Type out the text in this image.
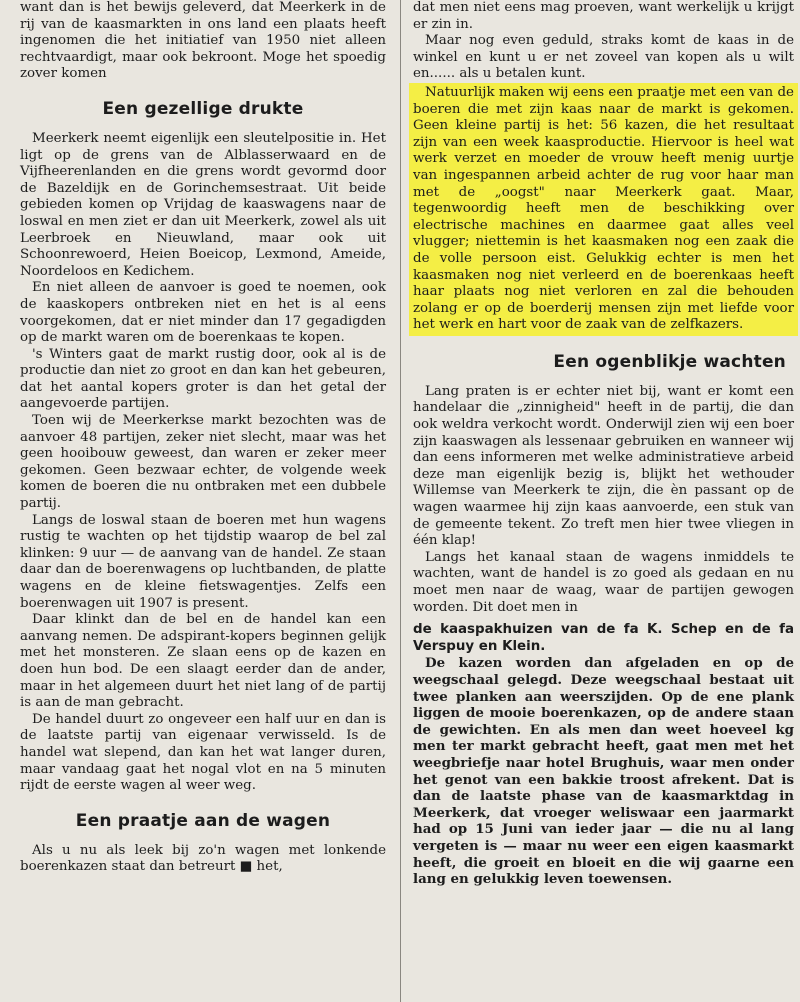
want dan is het bewijs geleverd, dat Meerkerk in de rij van de kaasmarkten in ons land een plaats heeft ingenomen die het initiatief van 1950 niet alleen rechtvaardigt, maar ook bekroont. Moge het spoedig zover komen

Een gezellige drukte

Meerkerk neemt eigenlijk een sleutelpositie in. Het ligt op de grens van de Alblasserwaard en de Vijfheerenlanden en die grens wordt gevormd door de Bazeldijk en de Gorinchemsestraat. Uit beide gebieden komen op Vrijdag de kaaswagens naar de loswal en men ziet er dan uit Meerkerk, zowel als uit Leerbroek en Nieuwland, maar ook uit Schoonrewoerd, Heien Boeicop, Lexmond, Ameide, Noordeloos en Kedichem.

En niet alleen de aanvoer is goed te noemen, ook de kaaskopers ontbreken niet en het is al eens voorgekomen, dat er niet minder dan 17 gegadigden op de markt waren om de boerenkaas te kopen.

's Winters gaat de markt rustig door, ook al is de productie dan niet zo groot en dan kan het gebeuren, dat het aantal kopers groter is dan het getal der aangevoerde partijen.

Toen wij de Meerkerkse markt bezochten was de aanvoer 48 partijen, zeker niet slecht, maar was het geen hooibouw geweest, dan waren er zeker meer gekomen. Geen bezwaar echter, de volgende week komen de boeren die nu ontbraken met een dubbele partij.

Langs de loswal staan de boeren met hun wagens rustig te wachten op het tijdstip waarop de bel zal klinken: 9 uur — de aanvang van de handel. Ze staan daar dan de boerenwagens op luchtbanden, de platte wagens en de kleine fietswagentjes. Zelfs een boerenwagen uit 1907 is present.

Daar klinkt dan de bel en de handel kan een aanvang nemen. De adspirant-kopers beginnen gelijk met het monsteren. Ze slaan eens op de kazen en doen hun bod. De een slaagt eerder dan de ander, maar in het algemeen duurt het niet lang of de partij is aan de man gebracht.

De handel duurt zo ongeveer een half uur en dan is de laatste partij van eigenaar verwisseld. Is de handel wat slepend, dan kan het wat langer duren, maar vandaag gaat het nogal vlot en na 5 minuten rijdt de eerste wagen al weer weg.

Een praatje aan de wagen

Als u nu als leek bij zo'n wagen met lonkende boerenkazen staat dan betreurt ■ het,

dat men niet eens mag proeven, want werkelijk u krijgt er zin in.

Maar nog even geduld, straks komt de kaas in de winkel en kunt u er net zoveel van kopen als u wilt en...... als u betalen kunt.

Natuurlijk maken wij eens een praatje met een van de boeren die met zijn kaas naar de markt is gekomen. Geen kleine partij is het: 56 kazen, die het resultaat zijn van een week kaasproductie. Hiervoor is heel wat werk verzet en moeder de vrouw heeft menig uurtje van ingespannen arbeid achter de rug voor haar man met de „oogst" naar Meerkerk gaat. Maar, tegenwoordig heeft men de beschikking over electrische machines en daarmee gaat alles veel vlugger; niettemin is het kaasmaken nog een zaak die de volle persoon eist. Gelukkig echter is men het kaasmaken nog niet verleerd en de boerenkaas heeft haar plaats nog niet verloren en zal die behouden zolang er op de boerderij mensen zijn met liefde voor het werk en hart voor de zaak van de zelfkazers.

Een ogenblikje wachten

Lang praten is er echter niet bij, want er komt een handelaar die „zinnigheid" heeft in de partij, die dan ook weldra verkocht wordt. Onderwijl zien wij een boer zijn kaaswagen als lessenaar gebruiken en wanneer wij dan eens informeren met welke administratieve arbeid deze man eigenlijk bezig is, blijkt het wethouder Willemse van Meerkerk te zijn, die èn passant op de wagen waarmee hij zijn kaas aanvoerde, een stuk van de gemeente tekent. Zo treft men hier twee vliegen in één klap!

Langs het kanaal staan de wagens inmiddels te wachten, want de handel is zo goed als gedaan en nu moet men naar de waag, waar de partijen gewogen worden. Dit doet men in

de kaaspakhuizen van de fa K. Schep en de fa Verspuy en Klein.

De kazen worden dan afgeladen en op de weegschaal gelegd. Deze weegschaal bestaat uit twee planken aan weerszijden. Op de ene plank liggen de mooie boerenkazen, op de andere staan de gewichten. En als men dan weet hoeveel kg men ter markt gebracht heeft, gaat men met het weegbriefje naar hotel Brughuis, waar men onder het genot van een bakkie troost afrekent. Dat is dan de laatste phase van de kaasmarktdag in Meerkerk, dat vroeger weliswaar een jaarmarkt had op 15 Juni van ieder jaar — die nu al lang vergeten is — maar nu weer een eigen kaasmarkt heeft, die groeit en bloeit en die wij gaarne een lang en gelukkig leven toewensen.
